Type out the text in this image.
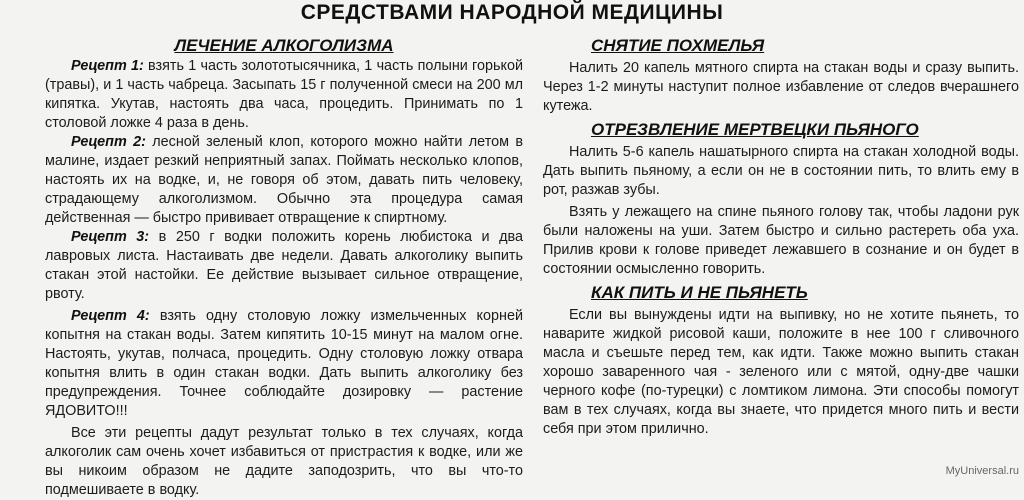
СРЕДСТВАМИ НАРОДНОЙ МЕДИЦИНЫ
ЛЕЧЕНИЕ АЛКОГОЛИЗМА

Рецепт 1: взять 1 часть золототысячника, 1 часть полыни горькой (травы), и 1 часть чабреца. Засыпать 15 г полученной смеси на 200 мл кипятка. Укутав, настоять два часа, процедить. Принимать по 1 столовой ложке 4 раза в день.

Рецепт 2: лесной зеленый клоп, которого можно найти летом в малине, издает резкий неприятный запах. Поймать несколько клопов, настоять их на водке, и, не говоря об этом, давать пить человеку, страдающему алкоголизмом. Обычно эта процедура самая действенная — быстро прививает отвращение к спиртному.

Рецепт 3: в 250 г водки положить корень любистока и два лавровых листа. Настаивать две недели. Давать алкоголику выпить стакан этой настойки. Ее действие вызывает сильное отвращение, рвоту.

Рецепт 4: взять одну столовую ложку измельченных корней копытня на стакан воды. Затем кипятить 10-15 минут на малом огне. Настоять, укутав, полчаса, процедить. Одну столовую ложку отвара копытня влить в один стакан водки. Дать выпить алкоголику без предупреждения. Точнее соблюдайте дозировку — растение ЯДОВИТО!!!

Все эти рецепты дадут результат только в тех случаях, когда алкоголик сам очень хочет избавиться от пристрастия к водке, или же вы никоим образом не дадите заподозрить, что вы что-то подмешиваете в водку.

СНЯТИЕ ПОХМЕЛЬЯ

Налить 20 капель мятного спирта на стакан воды и сразу выпить. Через 1-2 минуты наступит полное избавление от следов вчерашнего кутежа.

ОТРЕЗВЛЕНИЕ МЕРТВЕЦКИ ПЬЯНОГО

Налить 5-6 капель нашатырного спирта на стакан холодной воды. Дать выпить пьяному, а если он не в состоянии пить, то влить ему в рот, разжав зубы.

Взять у лежащего на спине пьяного голову так, чтобы ладони рук были наложены на уши. Затем быстро и сильно растереть оба уха. Прилив крови к голове приведет лежавшего в сознание и он будет в состоянии осмысленно говорить.

КАК ПИТЬ И НЕ ПЬЯНЕТЬ

Если вы вынуждены идти на выпивку, но не хотите пьянеть, то наварите жидкой рисовой каши, положите в нее 100 г сливочного масла и съешьте перед тем, как идти. Также можно выпить стакан хорошо заваренного чая - зеленого или с мятой, одну-две чашки черного кофе (по-турецки) с ломтиком лимона. Эти способы помогут вам в тех случаях, когда вы знаете, что придется много пить и вести себя при этом прилично.

MyUniversal.ru
